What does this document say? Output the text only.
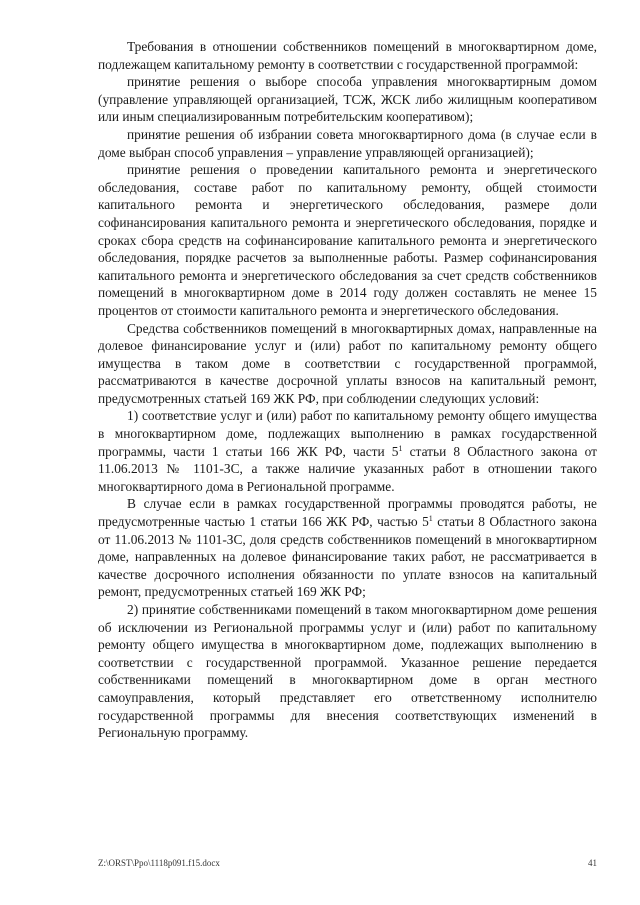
Требования в отношении собственников помещений в многоквартирном доме, подлежащем капитальному ремонту в соответствии с государственной программой:

принятие решения о выборе способа управления многоквартирным домом (управление управляющей организацией, ТСЖ, ЖСК либо жилищным кооперативом или иным специализированным потребительским кооперативом);

принятие решения об избрании совета многоквартирного дома (в случае если в доме выбран способ управления – управление управляющей организацией);

принятие решения о проведении капитального ремонта и энергетического обследования, составе работ по капитальному ремонту, общей стоимости капитального ремонта и энергетического обследования, размере доли софинансирования капитального ремонта и энергетического обследования, порядке и сроках сбора средств на софинансирование капитального ремонта и энергетического обследования, порядке расчетов за выполненные работы. Размер софинансирования капитального ремонта и энергетического обследования за счет средств собственников помещений в многоквартирном доме в 2014 году должен составлять не менее 15 процентов от стоимости капитального ремонта и энергетического обследования.

Средства собственников помещений в многоквартирных домах, направленные на долевое финансирование услуг и (или) работ по капитальному ремонту общего имущества в таком доме в соответствии с государственной программой, рассматриваются в качестве досрочной уплаты взносов на капитальный ремонт, предусмотренных статьей 169 ЖК РФ, при соблюдении следующих условий:

1) соответствие услуг и (или) работ по капитальному ремонту общего имущества в многоквартирном доме, подлежащих выполнению в рамках государственной программы, части 1 статьи 166 ЖК РФ, части $5^1$ статьи 8 Областного закона от 11.06.2013 № 1101-ЗС, а также наличие указанных работ в отношении такого многоквартирного дома в Региональной программе.

В случае если в рамках государственной программы проводятся работы, не предусмотренные частью 1 статьи 166 ЖК РФ, частью $5^1$ статьи 8 Областного закона от 11.06.2013 № 1101-ЗС, доля средств собственников помещений в многоквартирном доме, направленных на долевое финансирование таких работ, не рассматривается в качестве досрочного исполнения обязанности по уплате взносов на капитальный ремонт, предусмотренных статьей 169 ЖК РФ;

2) принятие собственниками помещений в таком многоквартирном доме решения об исключении из Региональной программы услуг и (или) работ по капитальному ремонту общего имущества в многоквартирном доме, подлежащих выполнению в соответствии с государственной программой. Указанное решение передается собственниками помещений в многоквартирном доме в орган местного самоуправления, который представляет его ответственному исполнителю государственной программы для внесения соответствующих изменений в Региональную программу.

Z:\ORST\Ppo\1118p091.f15.docx	41
